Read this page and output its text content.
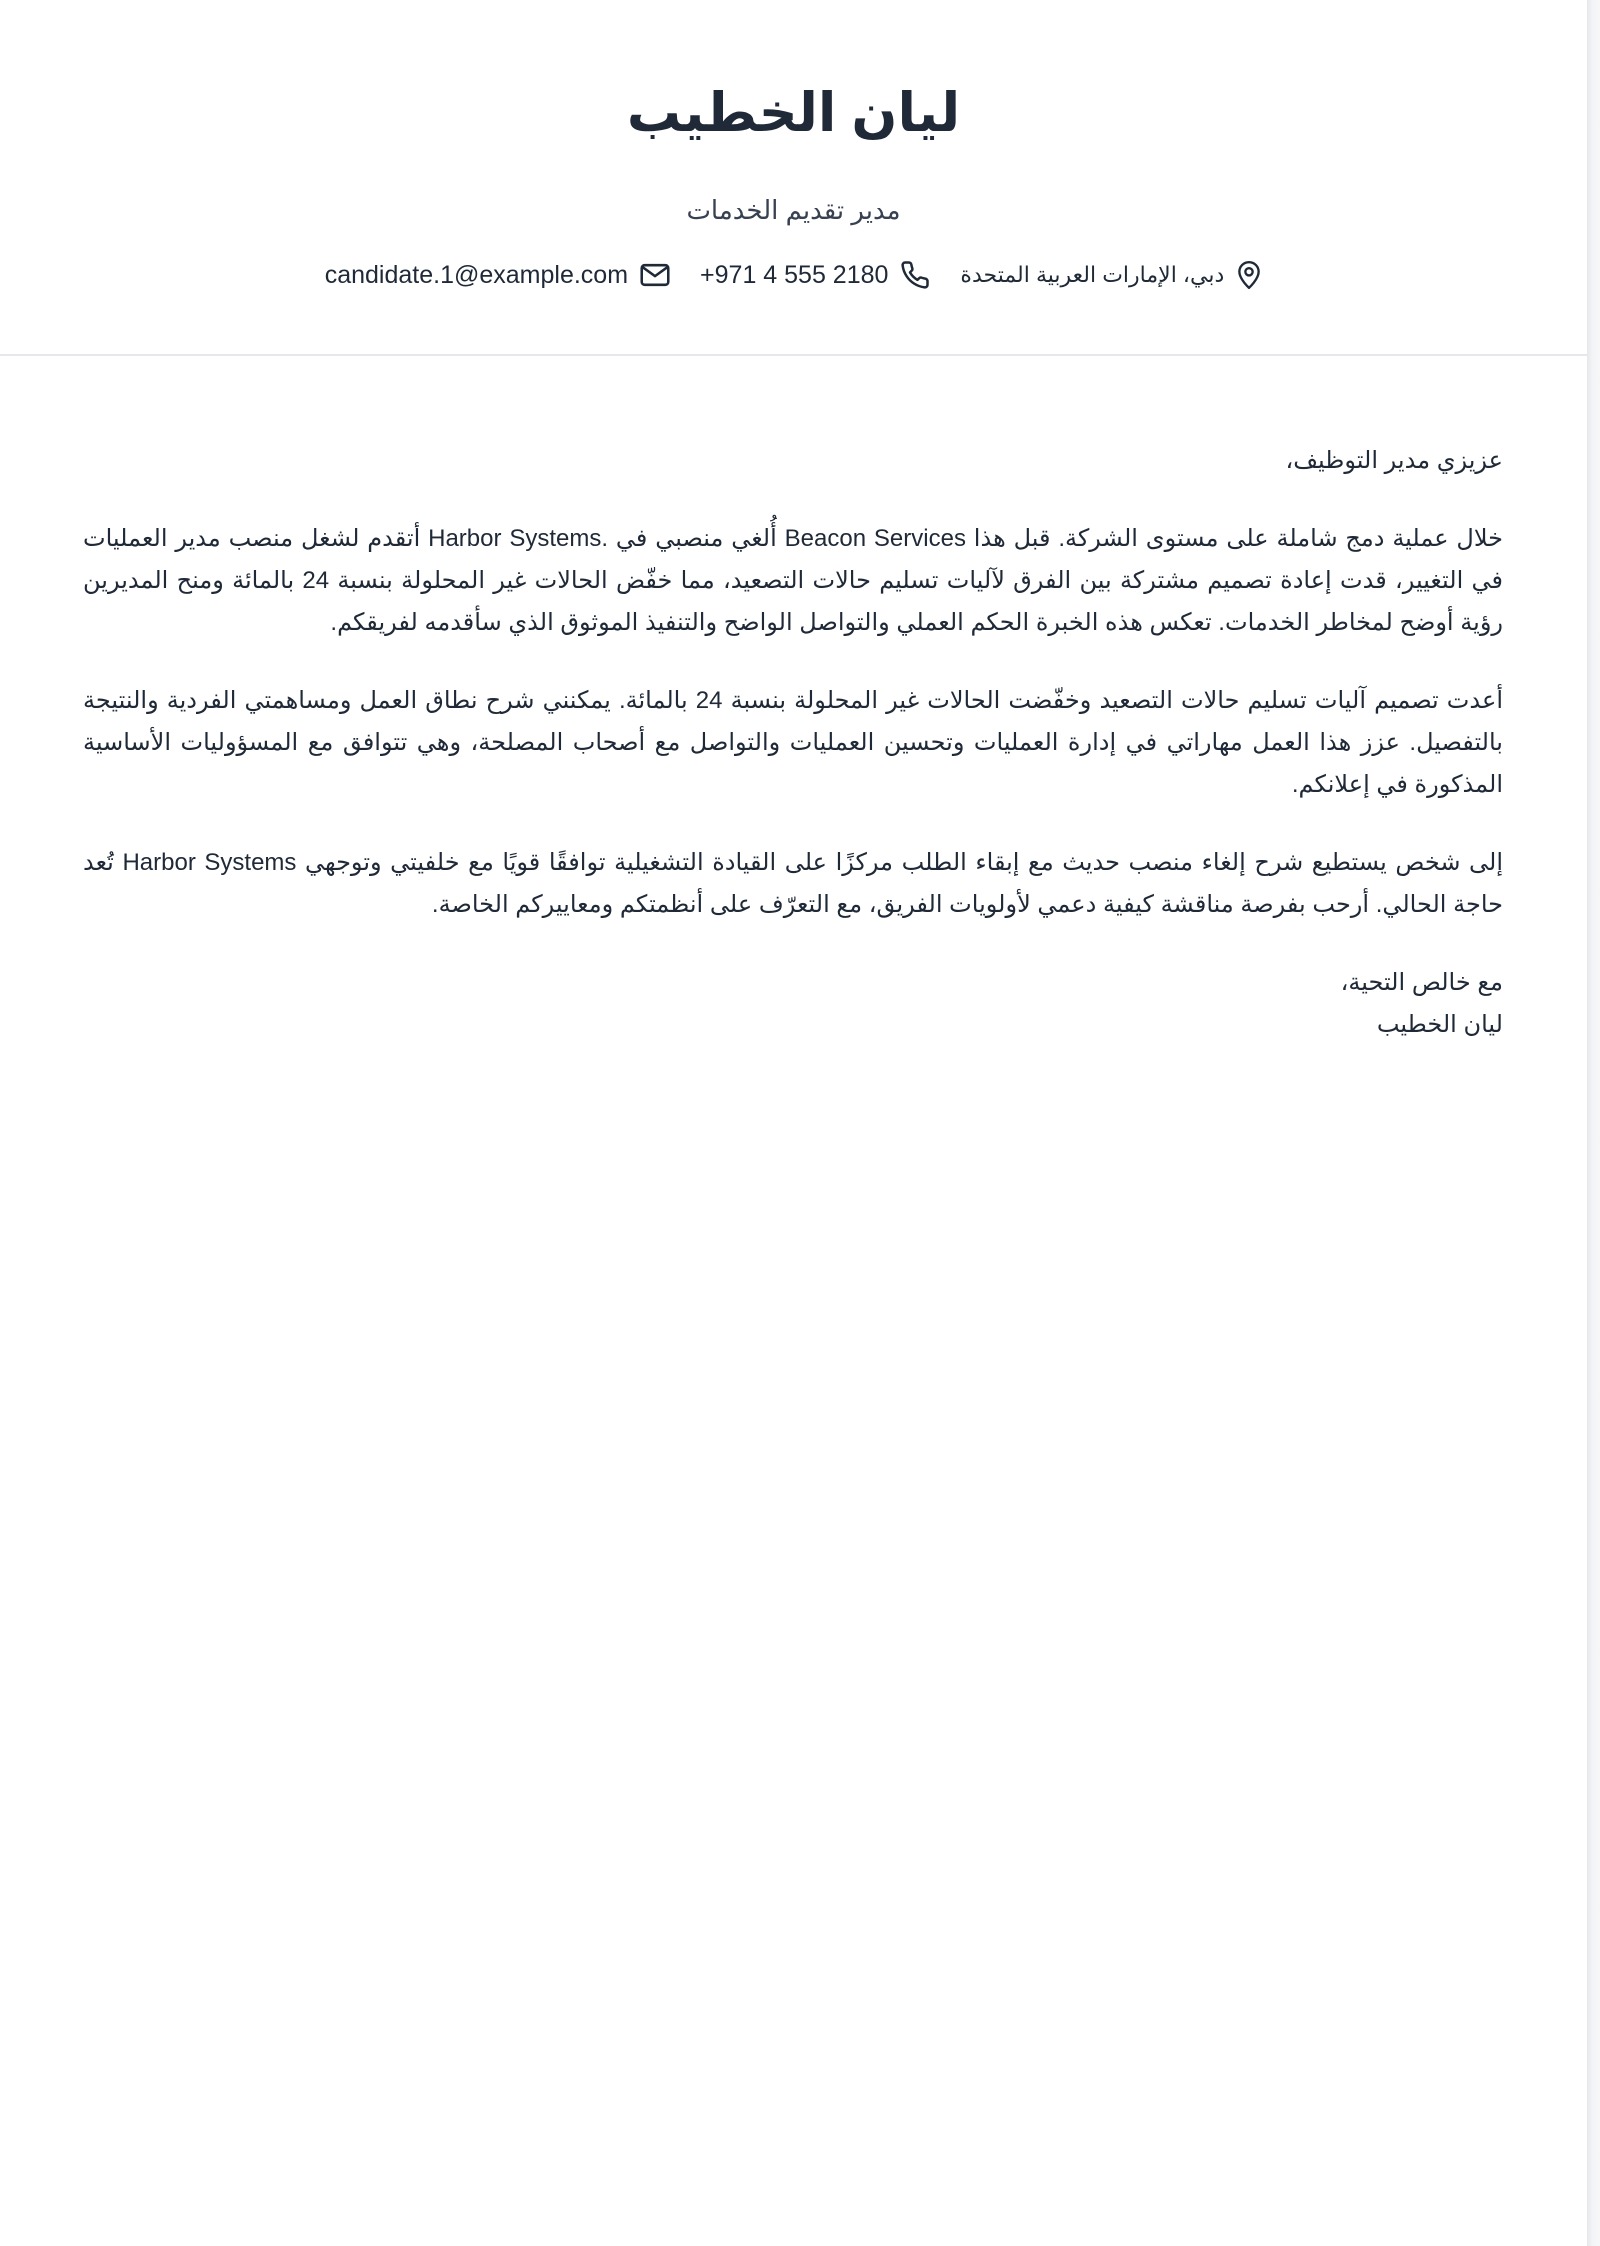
ليان الخطيب
مدير تقديم الخدمات
دبي، الإمارات العربية المتحدة
+971 4 555 2180
candidate.1@example.com

عزيزي مدير التوظيف،

خلال عملية دمج شاملة على مستوى الشركة. قبل هذا Beacon Services أُلغي منصبي في .Harbor Systems أتقدم لشغل منصب مدير العمليات في التغيير، قدت إعادة تصميم مشتركة بين الفرق لآليات تسليم حالات التصعيد، مما خفّض الحالات غير المحلولة بنسبة 24 بالمائة ومنح المديرين رؤية أوضح لمخاطر الخدمات. تعكس هذه الخبرة الحكم العملي والتواصل الواضح والتنفيذ الموثوق الذي سأقدمه لفريقكم.

أعدت تصميم آليات تسليم حالات التصعيد وخفّضت الحالات غير المحلولة بنسبة 24 بالمائة. يمكنني شرح نطاق العمل ومساهمتي الفردية والنتيجة بالتفصيل. عزز هذا العمل مهاراتي في إدارة العمليات وتحسين العمليات والتواصل مع أصحاب المصلحة، وهي تتوافق مع المسؤوليات الأساسية المذكورة في إعلانكم.

إلى شخص يستطيع شرح إلغاء منصب حديث مع إبقاء الطلب مركزًا على القيادة التشغيلية توافقًا قويًا مع خلفيتي وتوجهي Harbor Systems تُعد حاجة الحالي. أرحب بفرصة مناقشة كيفية دعمي لأولويات الفريق، مع التعرّف على أنظمتكم ومعاييركم الخاصة.

مع خالص التحية،

ليان الخطيب
